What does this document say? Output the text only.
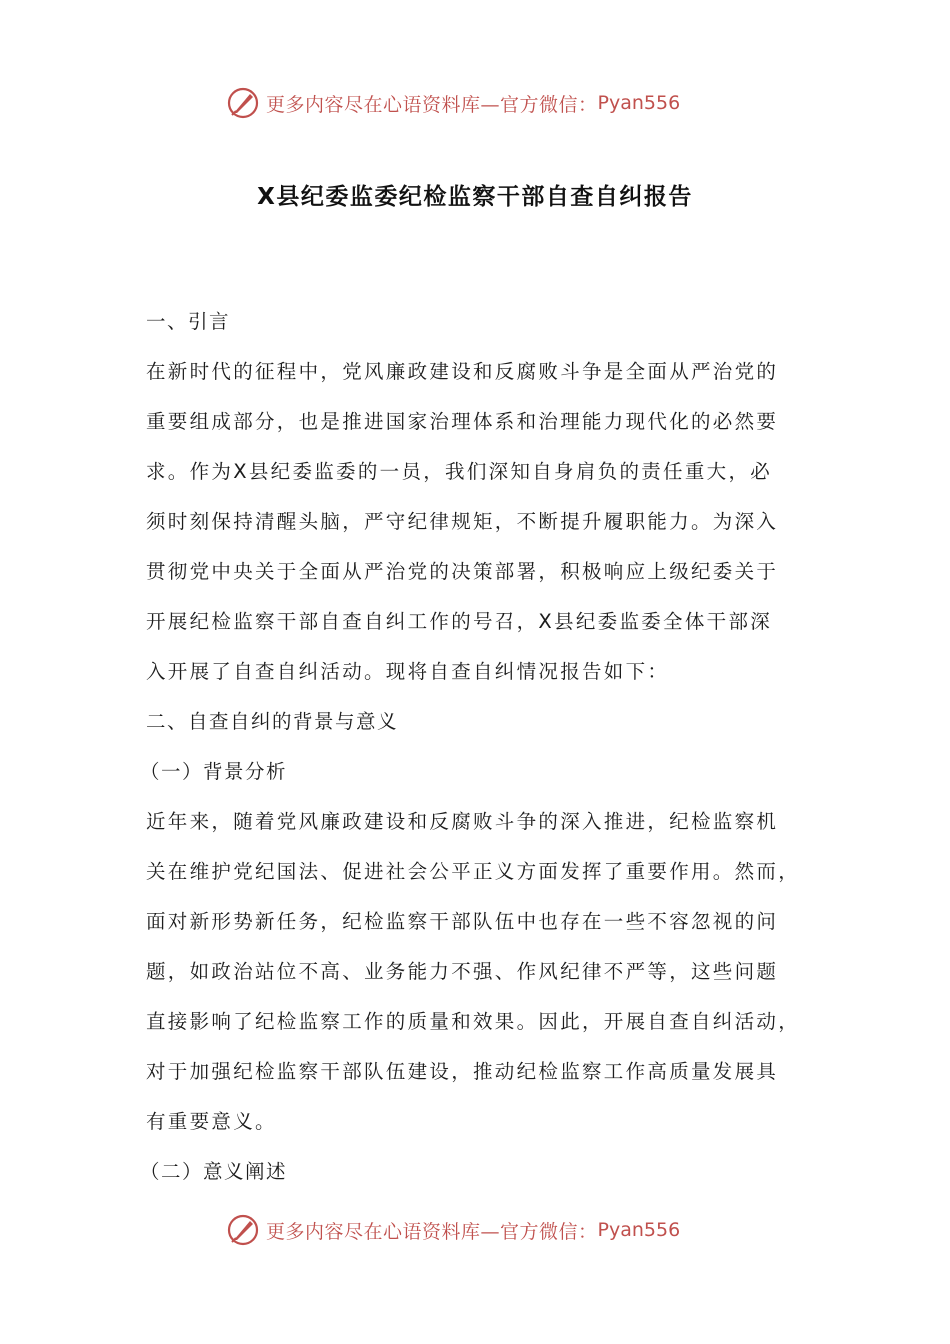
更多内容尽在心语资料库—官方微信： Pyan556
X县纪委监委纪检监察干部自查自纠报告
一、引言
在新时代的征程中，党风廉政建设和反腐败斗争是全面从严治党的
重要组成部分，也是推进国家治理体系和治理能力现代化的必然要
求。作为X县纪委监委的一员，我们深知自身肩负的责任重大，必
须时刻保持清醒头脑，严守纪律规矩，不断提升履职能力。为深入
贯彻党中央关于全面从严治党的决策部署，积极响应上级纪委关于
开展纪检监察干部自查自纠工作的号召，X县纪委监委全体干部深
入开展了自查自纠活动。现将自查自纠情况报告如下：
二、自查自纠的背景与意义
（一）背景分析
近年来，随着党风廉政建设和反腐败斗争的深入推进，纪检监察机
关在维护党纪国法、促进社会公平正义方面发挥了重要作用。然而，
面对新形势新任务，纪检监察干部队伍中也存在一些不容忽视的问
题，如政治站位不高、业务能力不强、作风纪律不严等，这些问题
直接影响了纪检监察工作的质量和效果。因此，开展自查自纠活动，
对于加强纪检监察干部队伍建设，推动纪检监察工作高质量发展具
有重要意义。
（二）意义阐述
更多内容尽在心语资料库—官方微信： Pyan556
